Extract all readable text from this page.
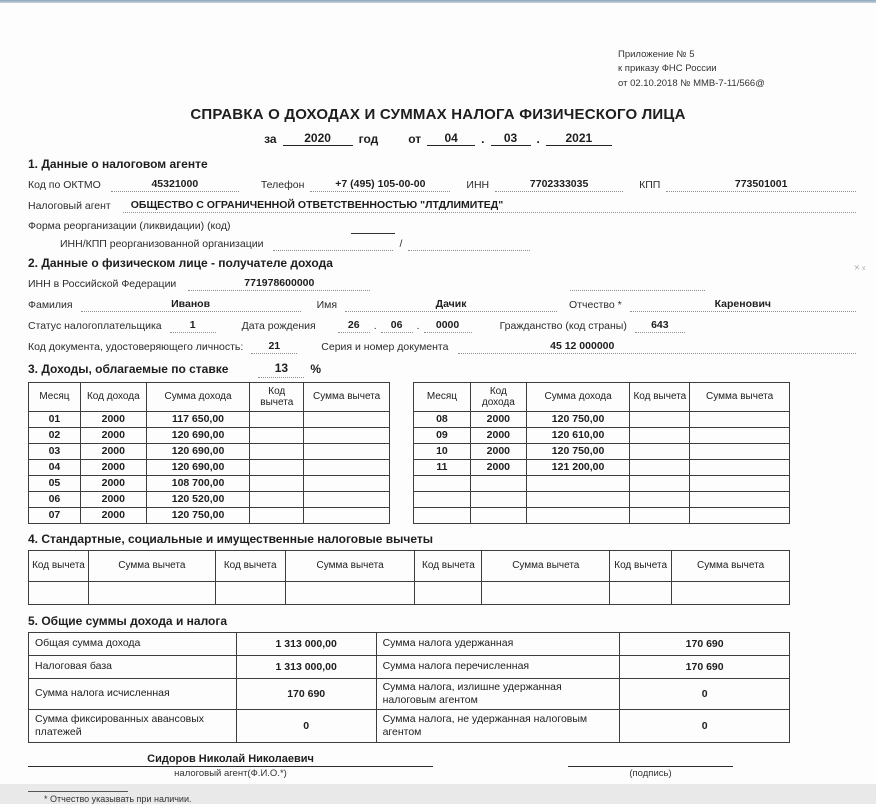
×ₓ
Приложение № 5
к приказу ФНС России
от 02.10.2018 № ММВ-7-11/566@
СПРАВКА О ДОХОДАХ И СУММАХ НАЛОГА ФИЗИЧЕСКОГО ЛИЦА
за	2020	год	от	04	.	03	.	2021
1. Данные о налоговом агенте
Код по ОКТМО	45321000	Телефон	+7 (495) 105-00-00	ИНН	7702333035	КПП	773501001
Налоговый агент	ОБЩЕСТВО С ОГРАНИЧЕННОЙ ОТВЕТСТВЕННОСТЬЮ "ЛТДЛИМИТЕД"
Форма реорганизации (ликвидации) (код)
ИНН/КПП реорганизованной организации	/
2. Данные о физическом лице - получателе дохода
ИНН в Российской Федерации	771978600000
Фамилия	Иванов	Имя	Дачик	Отчество *	Каренович
Статус налогоплательщика	1	Дата рождения	26	.	06	.	0000	Гражданство (код страны)	643
Код документа, удостоверяющего личность:	21	Серия и номер документа	45 12 000000
3. Доходы, облагаемые по ставке	13	%
Месяц	Код дохода	Сумма дохода	Код вычета	Сумма вычета
01	2000	117 650,00		
02	2000	120 690,00		
03	2000	120 690,00		
04	2000	120 690,00		
05	2000	108 700,00		
06	2000	120 520,00		
07	2000	120 750,00		
Месяц	Код дохода	Сумма дохода	Код вычета	Сумма вычета
08	2000	120 750,00		
09	2000	120 610,00		
10	2000	120 750,00		
11	2000	121 200,00		

4. Стандартные, социальные и имущественные налоговые вычеты
Код вычета	Сумма вычета	Код вычета	Сумма вычета	Код вычета	Сумма вычета	Код вычета	Сумма вычета

5. Общие суммы дохода и налога
Общая сумма дохода	1 313 000,00	Сумма налога удержанная	170 690
Налоговая база	1 313 000,00	Сумма налога перечисленная	170 690
Сумма налога исчисленная	170 690	Сумма налога, излишне удержанная налоговым агентом	0
Сумма фиксированных авансовых платежей	0	Сумма налога, не удержанная налоговым агентом	0
Сидоров Николай Николаевич
налоговый агент(Ф.И.О.*)	(подпись)
* Отчество указывать при наличии.
